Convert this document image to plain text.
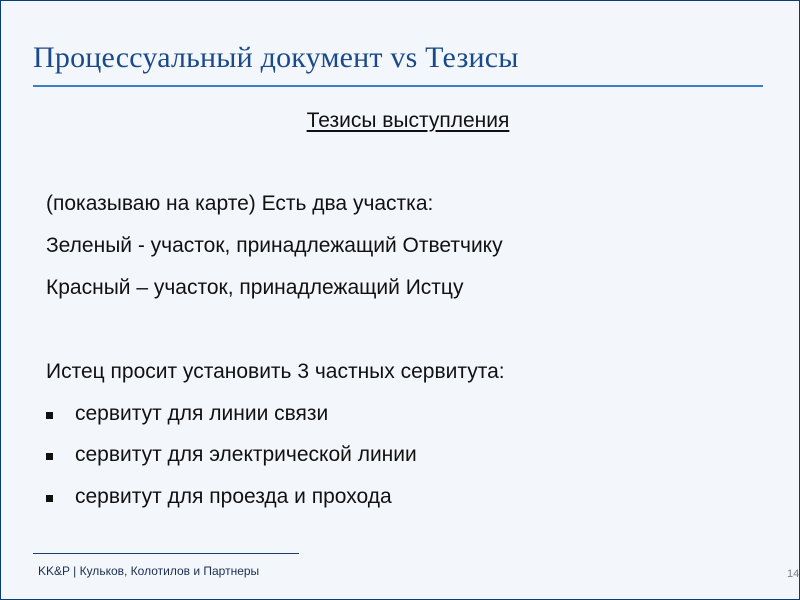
Процессуальный документ vs Тезисы
Тезисы выступления
(показываю на карте) Есть два участка:
Зеленый - участок, принадлежащий Ответчику
Красный – участок, принадлежащий Истцу
Истец просит установить 3 частных сервитута:
сервитут для линии связи
сервитут для электрической линии
сервитут для проезда и прохода
KK&P | Кульков, Колотилов и Партнеры	14
